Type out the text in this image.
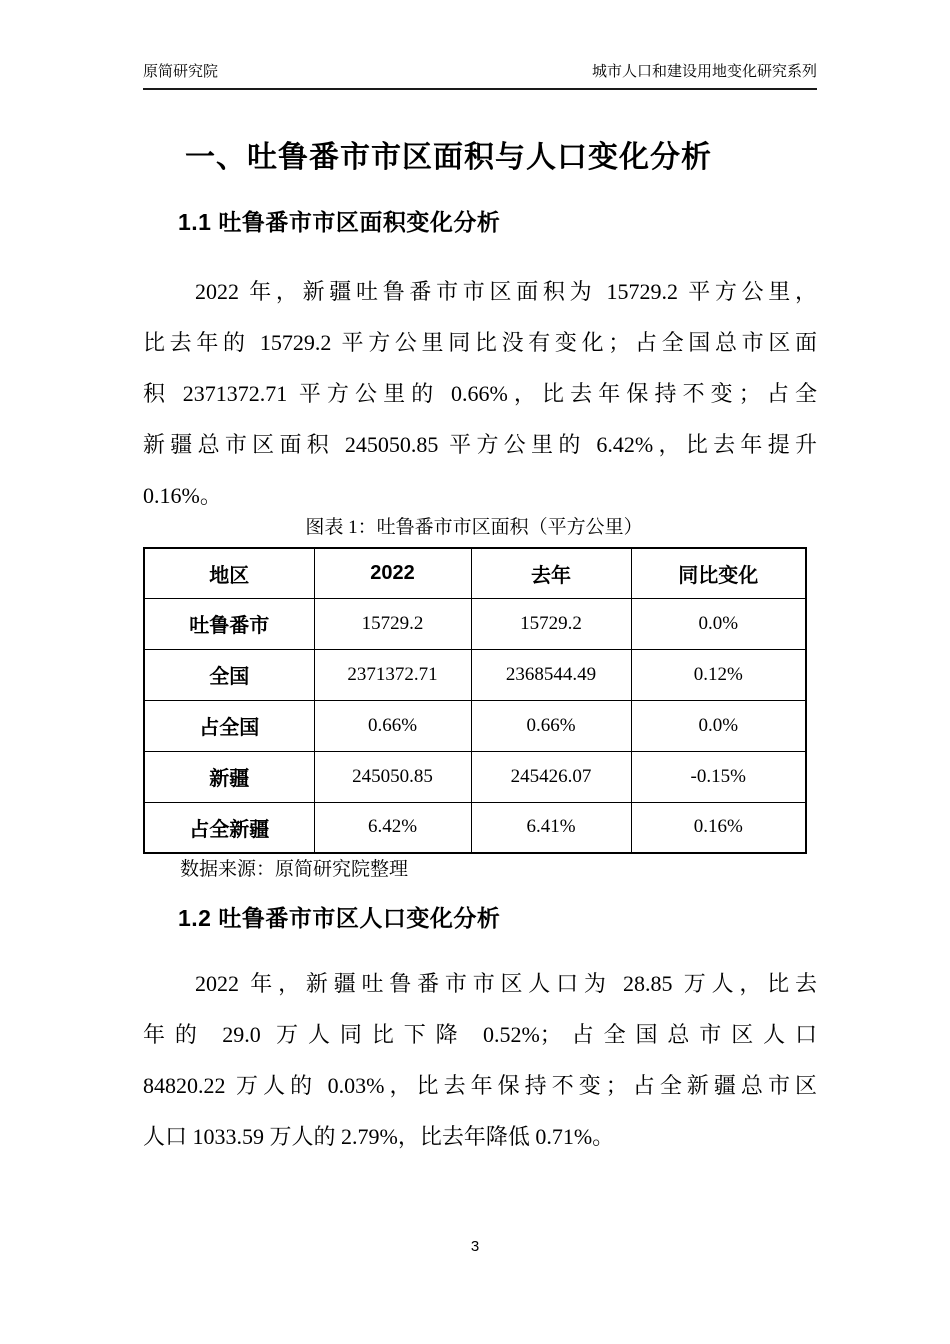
原简研究院	城市人口和建设用地变化研究系列
一、吐鲁番市市区面积与人口变化分析
1.1 吐鲁番市市区面积变化分析
2022 年，新疆吐鲁番市市区面积为 15729.2 平方公里，
比去年的 15729.2 平方公里同比没有变化；占全国总市区面
积 2371372.71 平方公里的 0.66%，比去年保持不变；占全
新疆总市区面积 245050.85 平方公里的 6.42%，比去年提升
0.16%。
图表 1：吐鲁番市市区面积（平方公里）
地区	2022	去年	同比变化
吐鲁番市	15729.2	15729.2	0.0%
全国	2371372.71	2368544.49	0.12%
占全国	0.66%	0.66%	0.0%
新疆	245050.85	245426.07	-0.15%
占全新疆	6.42%	6.41%	0.16%
数据来源：原简研究院整理
1.2 吐鲁番市市区人口变化分析
2022 年，新疆吐鲁番市市区人口为 28.85 万人，比去
年的 29.0 万人同比下降 0.52%；占全国总市区人口
84820.22 万人的 0.03%，比去年保持不变；占全新疆总市区
人口 1033.59 万人的 2.79%，比去年降低 0.71%。
3
